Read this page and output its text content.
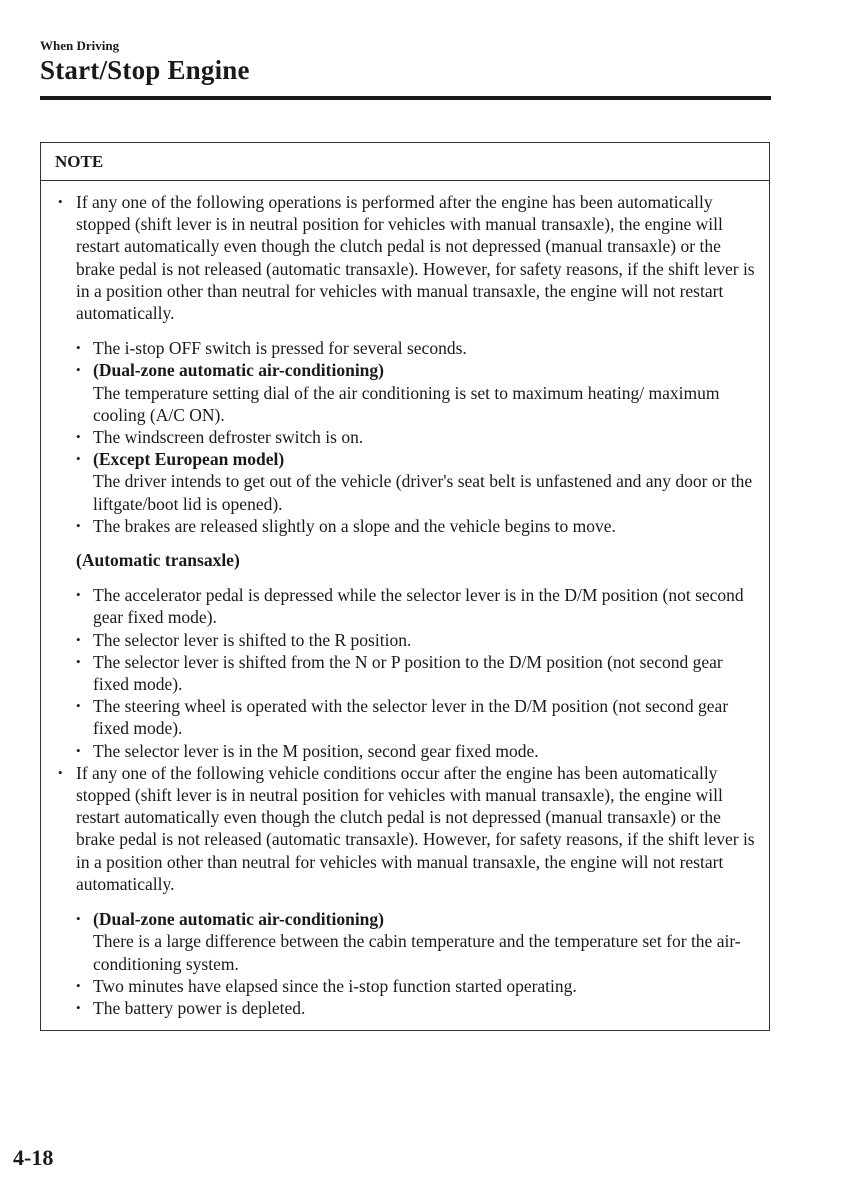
When Driving
Start/Stop Engine
NOTE
• If any one of the following operations is performed after the engine has been automatically stopped (shift lever is in neutral position for vehicles with manual transaxle), the engine will restart automatically even though the clutch pedal is not depressed (manual transaxle) or the brake pedal is not released (automatic transaxle). However, for safety reasons, if the shift lever is in a position other than neutral for vehicles with manual transaxle, the engine will not restart automatically.
• The i-stop OFF switch is pressed for several seconds.
• (Dual-zone automatic air-conditioning)
The temperature setting dial of the air conditioning is set to maximum heating/ maximum cooling (A/C ON).
• The windscreen defroster switch is on.
• (Except European model)
The driver intends to get out of the vehicle (driver's seat belt is unfastened and any door or the liftgate/boot lid is opened).
• The brakes are released slightly on a slope and the vehicle begins to move.
(Automatic transaxle)
• The accelerator pedal is depressed while the selector lever is in the D/M position (not second gear fixed mode).
• The selector lever is shifted to the R position.
• The selector lever is shifted from the N or P position to the D/M position (not second gear fixed mode).
• The steering wheel is operated with the selector lever in the D/M position (not second gear fixed mode).
• The selector lever is in the M position, second gear fixed mode.
• If any one of the following vehicle conditions occur after the engine has been automatically stopped (shift lever is in neutral position for vehicles with manual transaxle), the engine will restart automatically even though the clutch pedal is not depressed (manual transaxle) or the brake pedal is not released (automatic transaxle). However, for safety reasons, if the shift lever is in a position other than neutral for vehicles with manual transaxle, the engine will not restart automatically.
• (Dual-zone automatic air-conditioning)
There is a large difference between the cabin temperature and the temperature set for the air-conditioning system.
• Two minutes have elapsed since the i-stop function started operating.
• The battery power is depleted.
4-18
